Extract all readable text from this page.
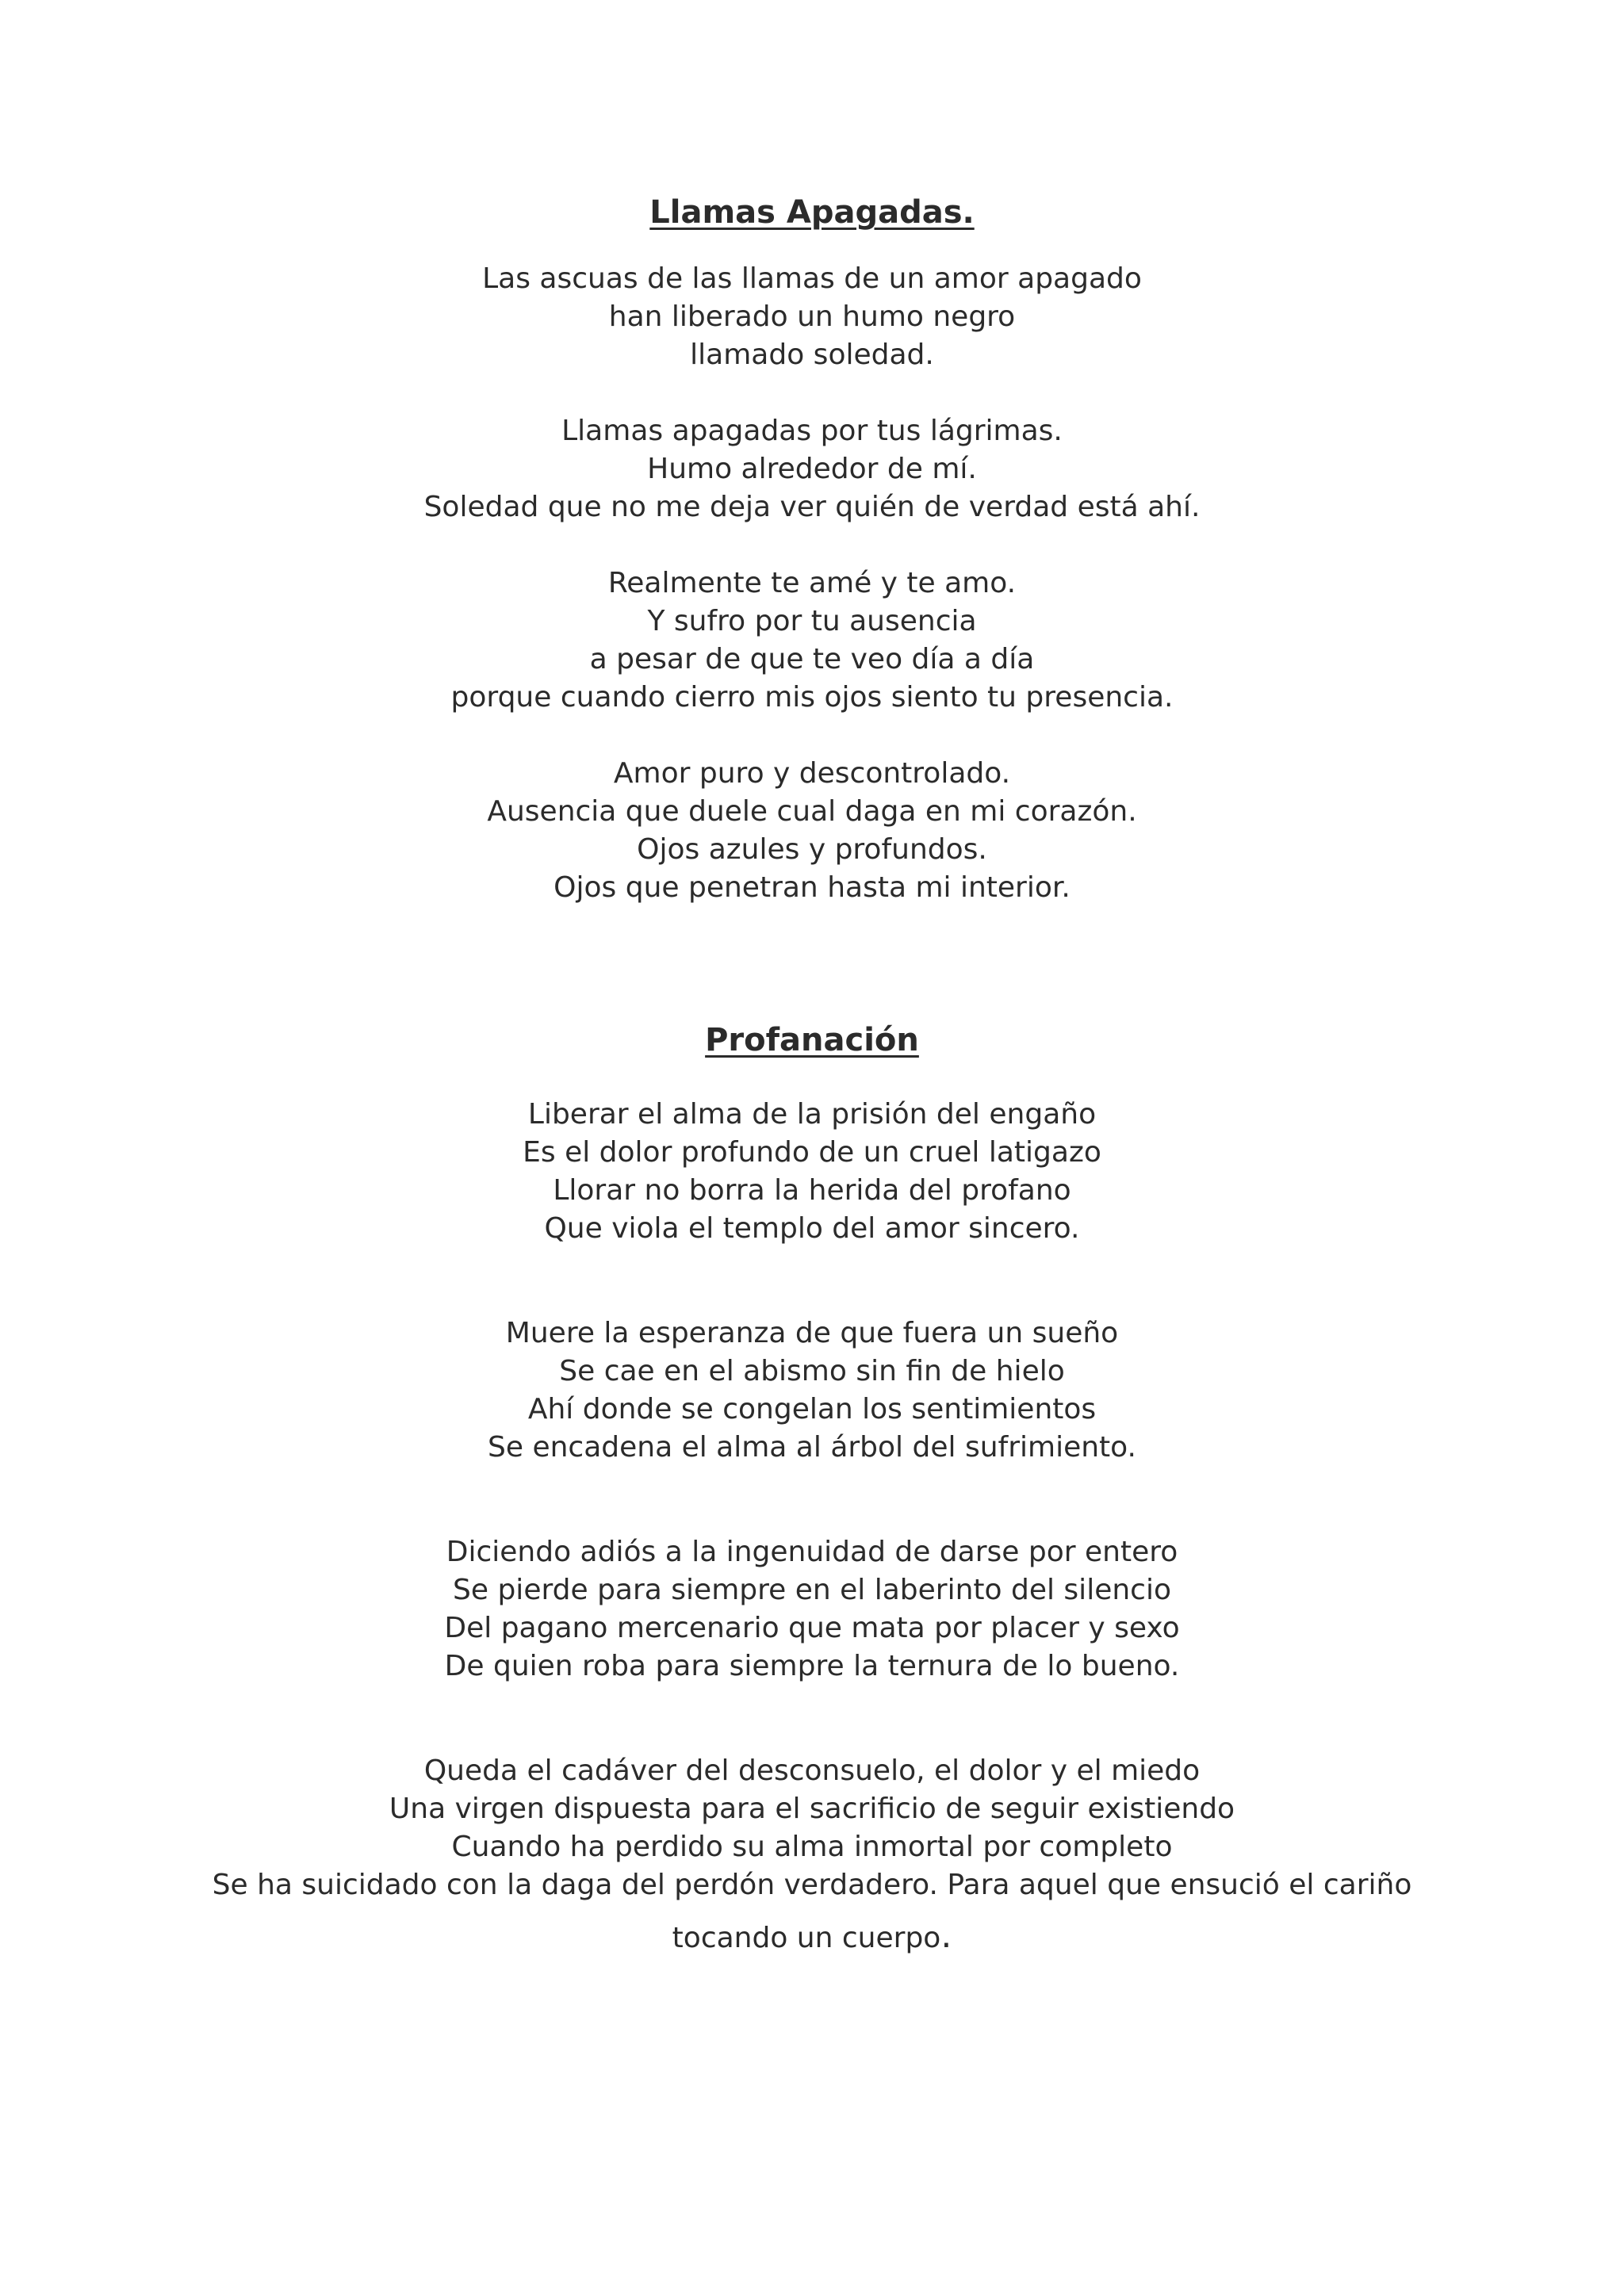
Llamas Apagadas.
Las ascuas de las llamas de un amor apagado
han liberado un humo negro
llamado soledad.
Llamas apagadas por tus lágrimas.
Humo alrededor de mí.
Soledad que no me deja ver quién de verdad está ahí.
Realmente te amé y te amo.
Y sufro por tu ausencia
a pesar de que te veo día a día
porque cuando cierro mis ojos siento tu presencia.
Amor puro y descontrolado.
Ausencia que duele cual daga en mi corazón.
Ojos azules y profundos.
Ojos que penetran hasta mi interior.
Profanación
Liberar el alma de la prisión del engaño
Es el dolor profundo de un cruel latigazo
Llorar no borra la herida del profano
Que viola el templo del amor sincero.
Muere la esperanza de que fuera un sueño
Se cae en el abismo sin fin de hielo
Ahí donde se congelan los sentimientos
Se encadena el alma al árbol del sufrimiento.
Diciendo adiós a la ingenuidad de darse por entero
Se pierde para siempre en el laberinto del silencio
Del pagano mercenario que mata por placer y sexo
De quien roba para siempre la ternura de lo bueno.
Queda el cadáver del desconsuelo, el dolor y el miedo
Una virgen dispuesta para el sacrificio de seguir existiendo
Cuando ha perdido su alma inmortal por completo
Se ha suicidado con la daga del perdón verdadero. Para aquel que ensució el cariño
tocando un cuerpo.
